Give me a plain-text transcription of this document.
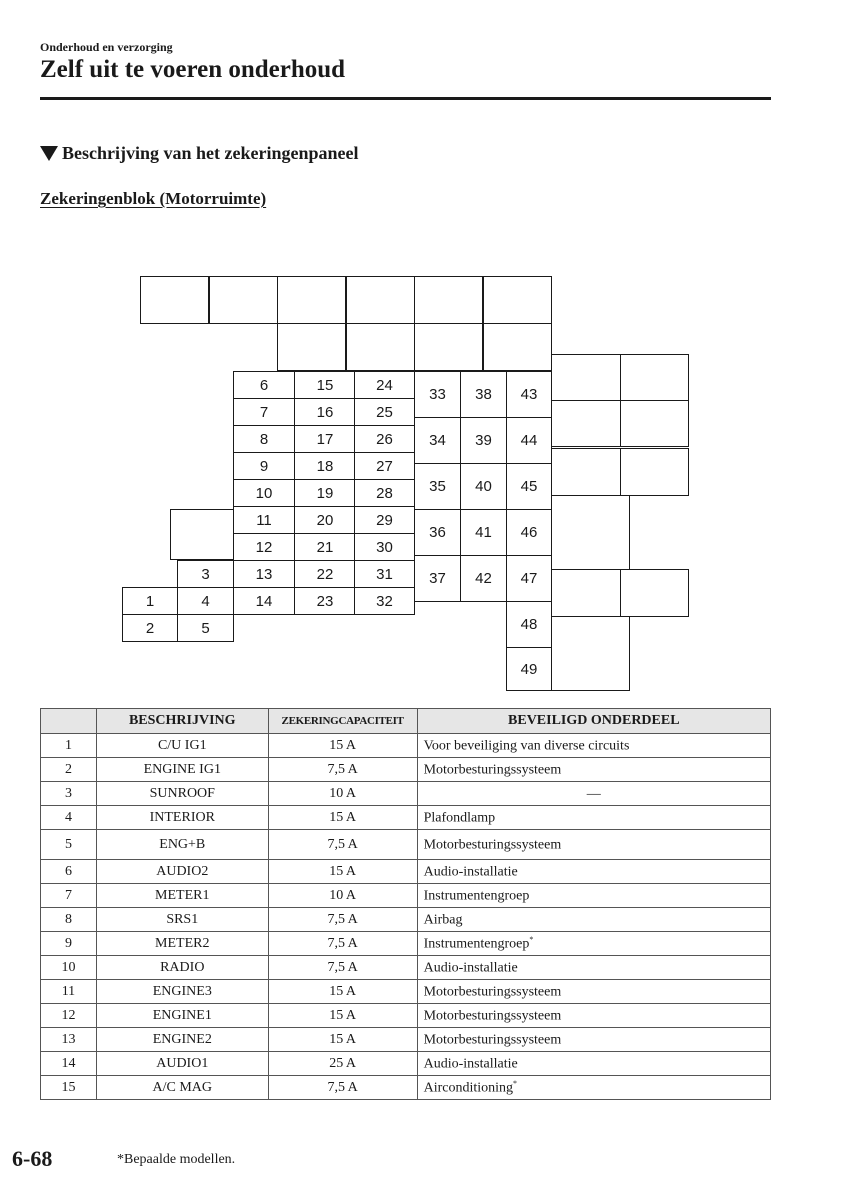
Onderhoud en verzorging
Zelf uit te voeren onderhoud
Beschrijving van het zekeringenpaneel
Zekeringenblok (Motorruimte)
6
7
8
9
10
11
12
13
14
15
16
17
18
19
20
21
22
23
24
25
26
27
28
29
30
31
32
3
1	4
2	5
33
34
35
36
37
38
39
40
41
42
43
44
45
46
47
48
49
	BESCHRIJVING	ZEKERINGCAPACITEIT	BEVEILIGD ONDERDEEL
1	C/U IG1	15 A	Voor beveiliging van diverse circuits
2	ENGINE IG1	7,5 A	Motorbesturingssysteem
3	SUNROOF	10 A	—
4	INTERIOR	15 A	Plafondlamp
5	ENG+B	7,5 A	Motorbesturingssysteem
6	AUDIO2	15 A	Audio-installatie
7	METER1	10 A	Instrumentengroep
8	SRS1	7,5 A	Airbag
9	METER2	7,5 A	Instrumentengroep*
10	RADIO	7,5 A	Audio-installatie
11	ENGINE3	15 A	Motorbesturingssysteem
12	ENGINE1	15 A	Motorbesturingssysteem
13	ENGINE2	15 A	Motorbesturingssysteem
14	AUDIO1	25 A	Audio-installatie
15	A/C MAG	7,5 A	Airconditioning*
6-68	*Bepaalde modellen.
